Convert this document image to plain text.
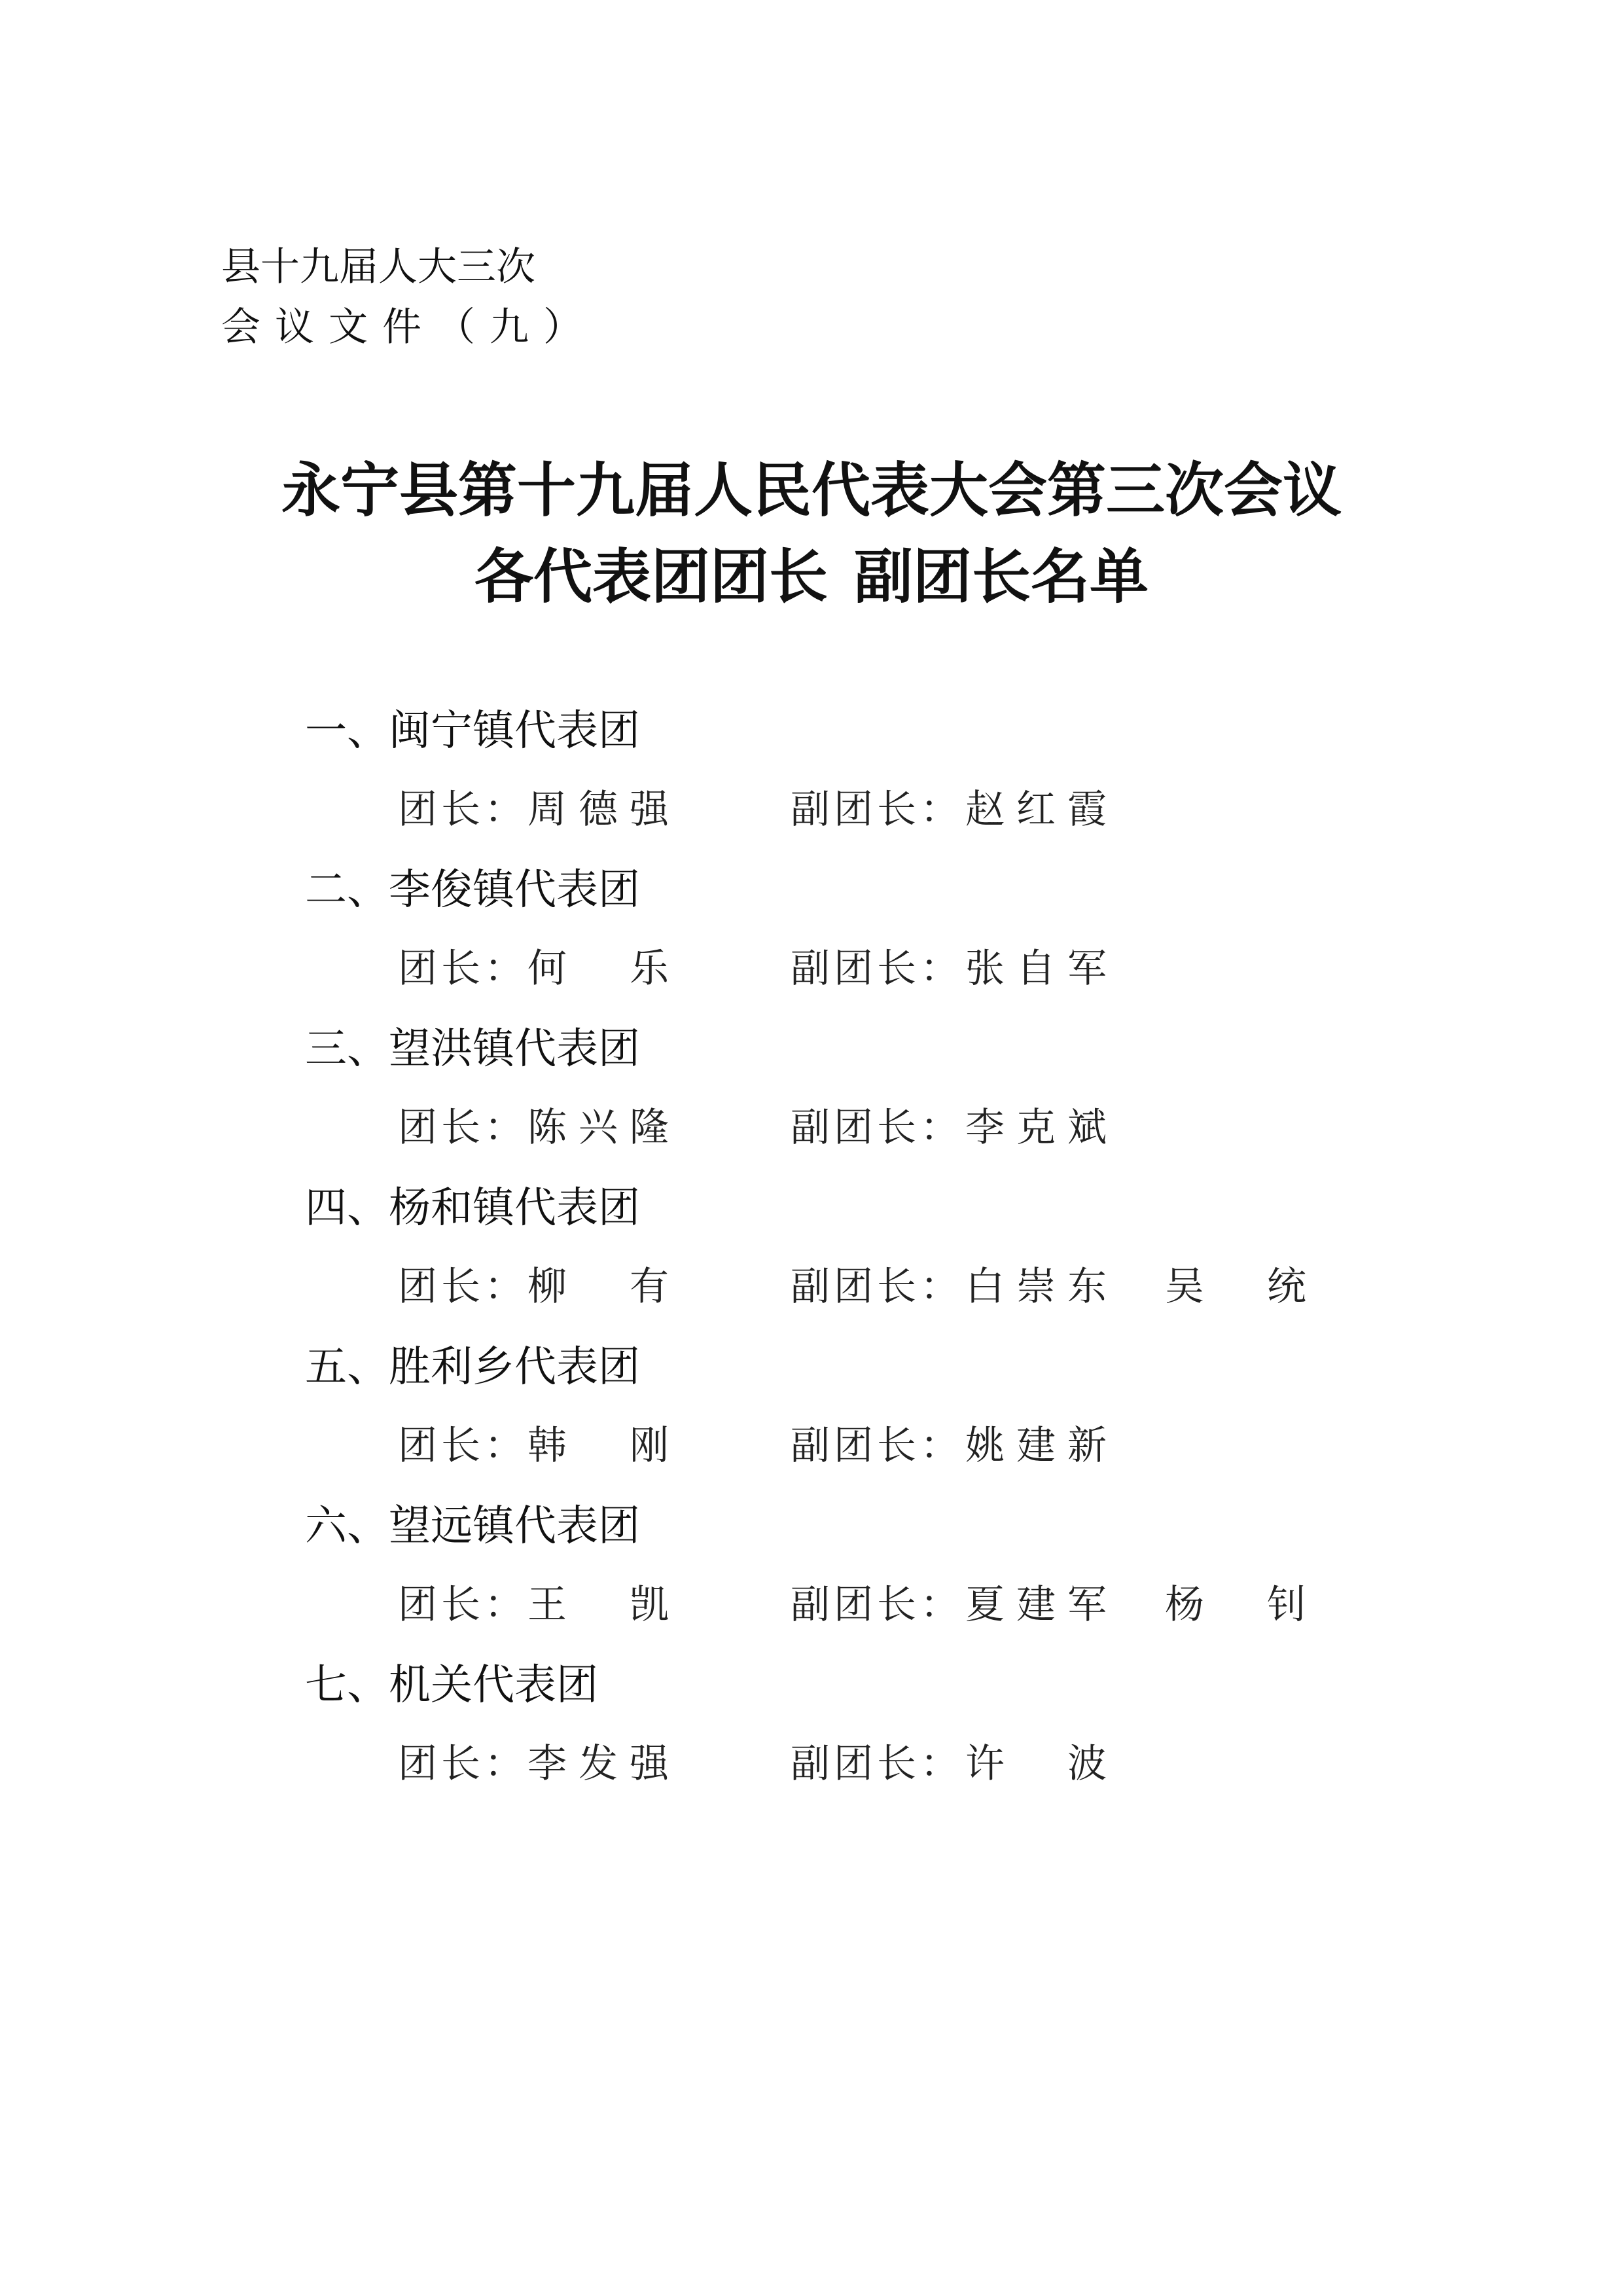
县十九届人大三次
会议文件（九）
永宁县第十九届人民代表大会第三次会议
各代表团团长 副团长名单
一、闽宁镇代表团
团长： 周德强	副团长： 赵红霞
二、李俊镇代表团
团长： 何　乐	副团长： 张自军
三、望洪镇代表团
团长： 陈兴隆	副团长： 李克斌
四、杨和镇代表团
团长： 柳　有	副团长： 白崇东 吴　统
五、胜利乡代表团
团长： 韩　刚	副团长： 姚建新
六、望远镇代表团
团长： 王　凯	副团长： 夏建军 杨　钊
七、机关代表团
团长： 李发强	副团长： 许　波
